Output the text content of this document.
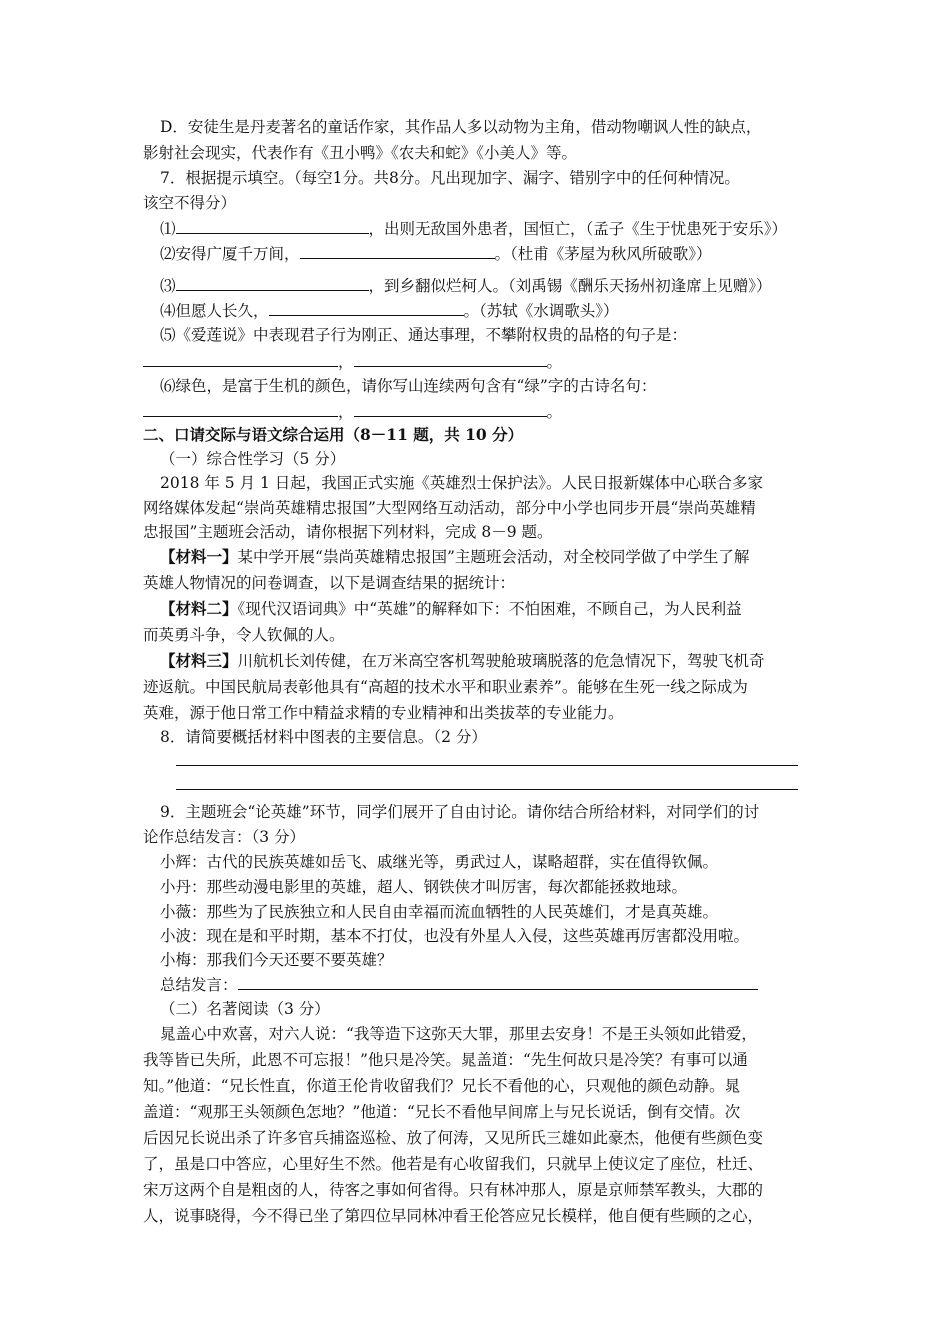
D．安徒生是丹麦著名的童话作家，其作品人多以动物为主角，借动物嘲讽人性的缺点，
影射社会现实，代表作有《丑小鸭》《农夫和蛇》《小美人》等。
7．根据提示填空。（每空1分。共8分。凡出现加字、漏字、错别字中的任何种情况。
该空不得分）
⑴	，出则无敌国外患者，国恒亡，（孟子《生于忧患死于安乐》）
⑵安得广厦千万间，	。（杜甫《茅屋为秋风所破歌》）
⑶	，到乡翻似烂柯人。（刘禹锡《酬乐天扬州初逢席上见赠》）
⑷但愿人长久，	。（苏轼《水调歌头》）
⑸《爱莲说》中表现君子行为刚正、通达事理，不攀附权贵的品格的句子是：
，	。
⑹绿色，是富于生机的颜色，请你写山连续两句含有“绿”字的古诗名句：
，	。
二、口请交际与语文综合运用（8－11 题，共 10 分）
（一）综合性学习（5 分）
2018 年 5 月 1 日起，我国正式实施《英雄烈士保护法》。人民日报新媒体中心联合多家
网络媒体发起“崇尚英雄精忠报国”大型网络互动活动，部分中小学也同步开晨“崇尚英雄精
忠报国”主题班会活动，请你根据下列材料，完成 8－9 题。
【材料一】某中学开展“祟尚英雄精忠报国”主题班会活动，对全校同学做了中学生了解
英雄人物情况的问卷调查，以下是调查结果的据统计：
【材料二】《现代汉语词典》中“英雄”的解释如下：不怕困难，不顾自己，为人民利益
而英勇斗争，令人钦佩的人。
【材料三】川航机长刘传健，在万米高空客机驾驶舱玻璃脱落的危急情况下，驾驶飞机奇
迹返航。中国民航局表彰他具有“高超的技术水平和职业素养”。能够在生死一线之际成为
英难，源于他日常工作中精益求精的专业精神和出类拔萃的专业能力。
8．请简要概括材料中图表的主要信息。（2 分）
9．主题班会“论英雄”环节，同学们展开了自由讨论。请你结合所给材料，对同学们的讨
论作总结发言：（3 分）
小辉：古代的民族英雄如岳飞、戚继光等，勇武过人，谋略超群，实在值得钦佩。
小丹：那些动漫电影里的英雄，超人、钢铁侠才叫厉害，每次都能拯救地球。
小薇：那些为了民族独立和人民自由幸福而流血牺牲的人民英雄们，才是真英雄。
小波：现在是和平时期，基本不打仗，也没有外星人入侵，这些英雄再厉害都没用啦。
小梅：那我们今天还要不要英雄？
总结发言：
（二）名著阅读（3 分）
晁盖心中欢喜，对六人说：“我等造下这弥天大罪，那里去安身！不是王头领如此错爱，
我等皆已失所，此恩不可忘报！”他只是冷笑。晁盖道：“先生何故只是冷笑？有事可以通
知。”他道：“兄长性直，你道王伦肯收留我们？兄长不看他的心，只观他的颜色动静。晁
盖道：“观那王头领颜色怎地？”他道：“兄长不看他早间席上与兄长说话，倒有交情。次
后因兄长说出杀了许多官兵捕盗巡检、放了何涛，又见所氏三雄如此豪杰，他便有些颜色变
了，虽是口中答应，心里好生不然。他若是有心收留我们，只就早上使议定了座位，杜迁、
宋万这两个自是粗卤的人，待客之事如何省得。只有林冲那人，原是京师禁军教头，大郡的
人，说事晓得，今不得已坐了第四位早同林冲看王伦答应兄长模样，他自便有些顾的之心，
